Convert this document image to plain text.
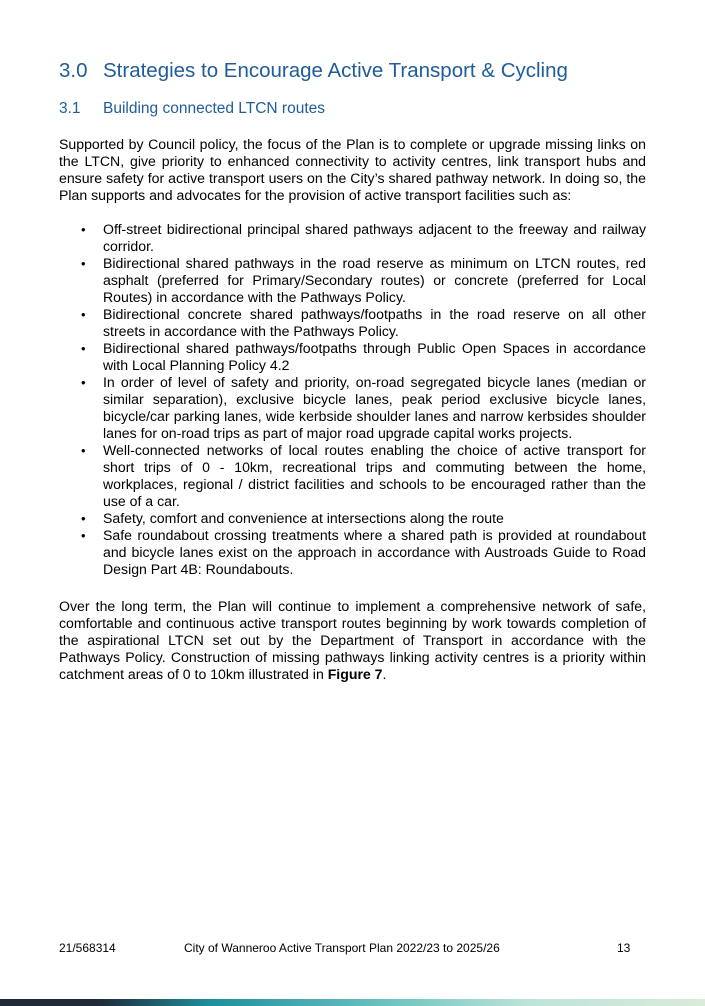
3.0 Strategies to Encourage Active Transport & Cycling
3.1 Building connected LTCN routes

Supported by Council policy, the focus of the Plan is to complete or upgrade missing links on the LTCN, give priority to enhanced connectivity to activity centres, link transport hubs and ensure safety for active transport users on the City’s shared pathway network. In doing so, the Plan supports and advocates for the provision of active transport facilities such as:

• Off-street bidirectional principal shared pathways adjacent to the freeway and railway corridor.
• Bidirectional shared pathways in the road reserve as minimum on LTCN routes, red asphalt (preferred for Primary/Secondary routes) or concrete (preferred for Local Routes) in accordance with the Pathways Policy.
• Bidirectional concrete shared pathways/footpaths in the road reserve on all other streets in accordance with the Pathways Policy.
• Bidirectional shared pathways/footpaths through Public Open Spaces in accordance with Local Planning Policy 4.2
• In order of level of safety and priority, on-road segregated bicycle lanes (median or similar separation), exclusive bicycle lanes, peak period exclusive bicycle lanes, bicycle/car parking lanes, wide kerbside shoulder lanes and narrow kerbsides shoulder lanes for on-road trips as part of major road upgrade capital works projects.
• Well-connected networks of local routes enabling the choice of active transport for short trips of 0 - 10km, recreational trips and commuting between the home, workplaces, regional / district facilities and schools to be encouraged rather than the use of a car.
• Safety, comfort and convenience at intersections along the route
• Safe roundabout crossing treatments where a shared path is provided at roundabout and bicycle lanes exist on the approach in accordance with Austroads Guide to Road Design Part 4B: Roundabouts.

Over the long term, the Plan will continue to implement a comprehensive network of safe, comfortable and continuous active transport routes beginning by work towards completion of the aspirational LTCN set out by the Department of Transport in accordance with the Pathways Policy. Construction of missing pathways linking activity centres is a priority within catchment areas of 0 to 10km illustrated in Figure 7.

21/568314	City of Wanneroo Active Transport Plan 2022/23 to 2025/26	13
